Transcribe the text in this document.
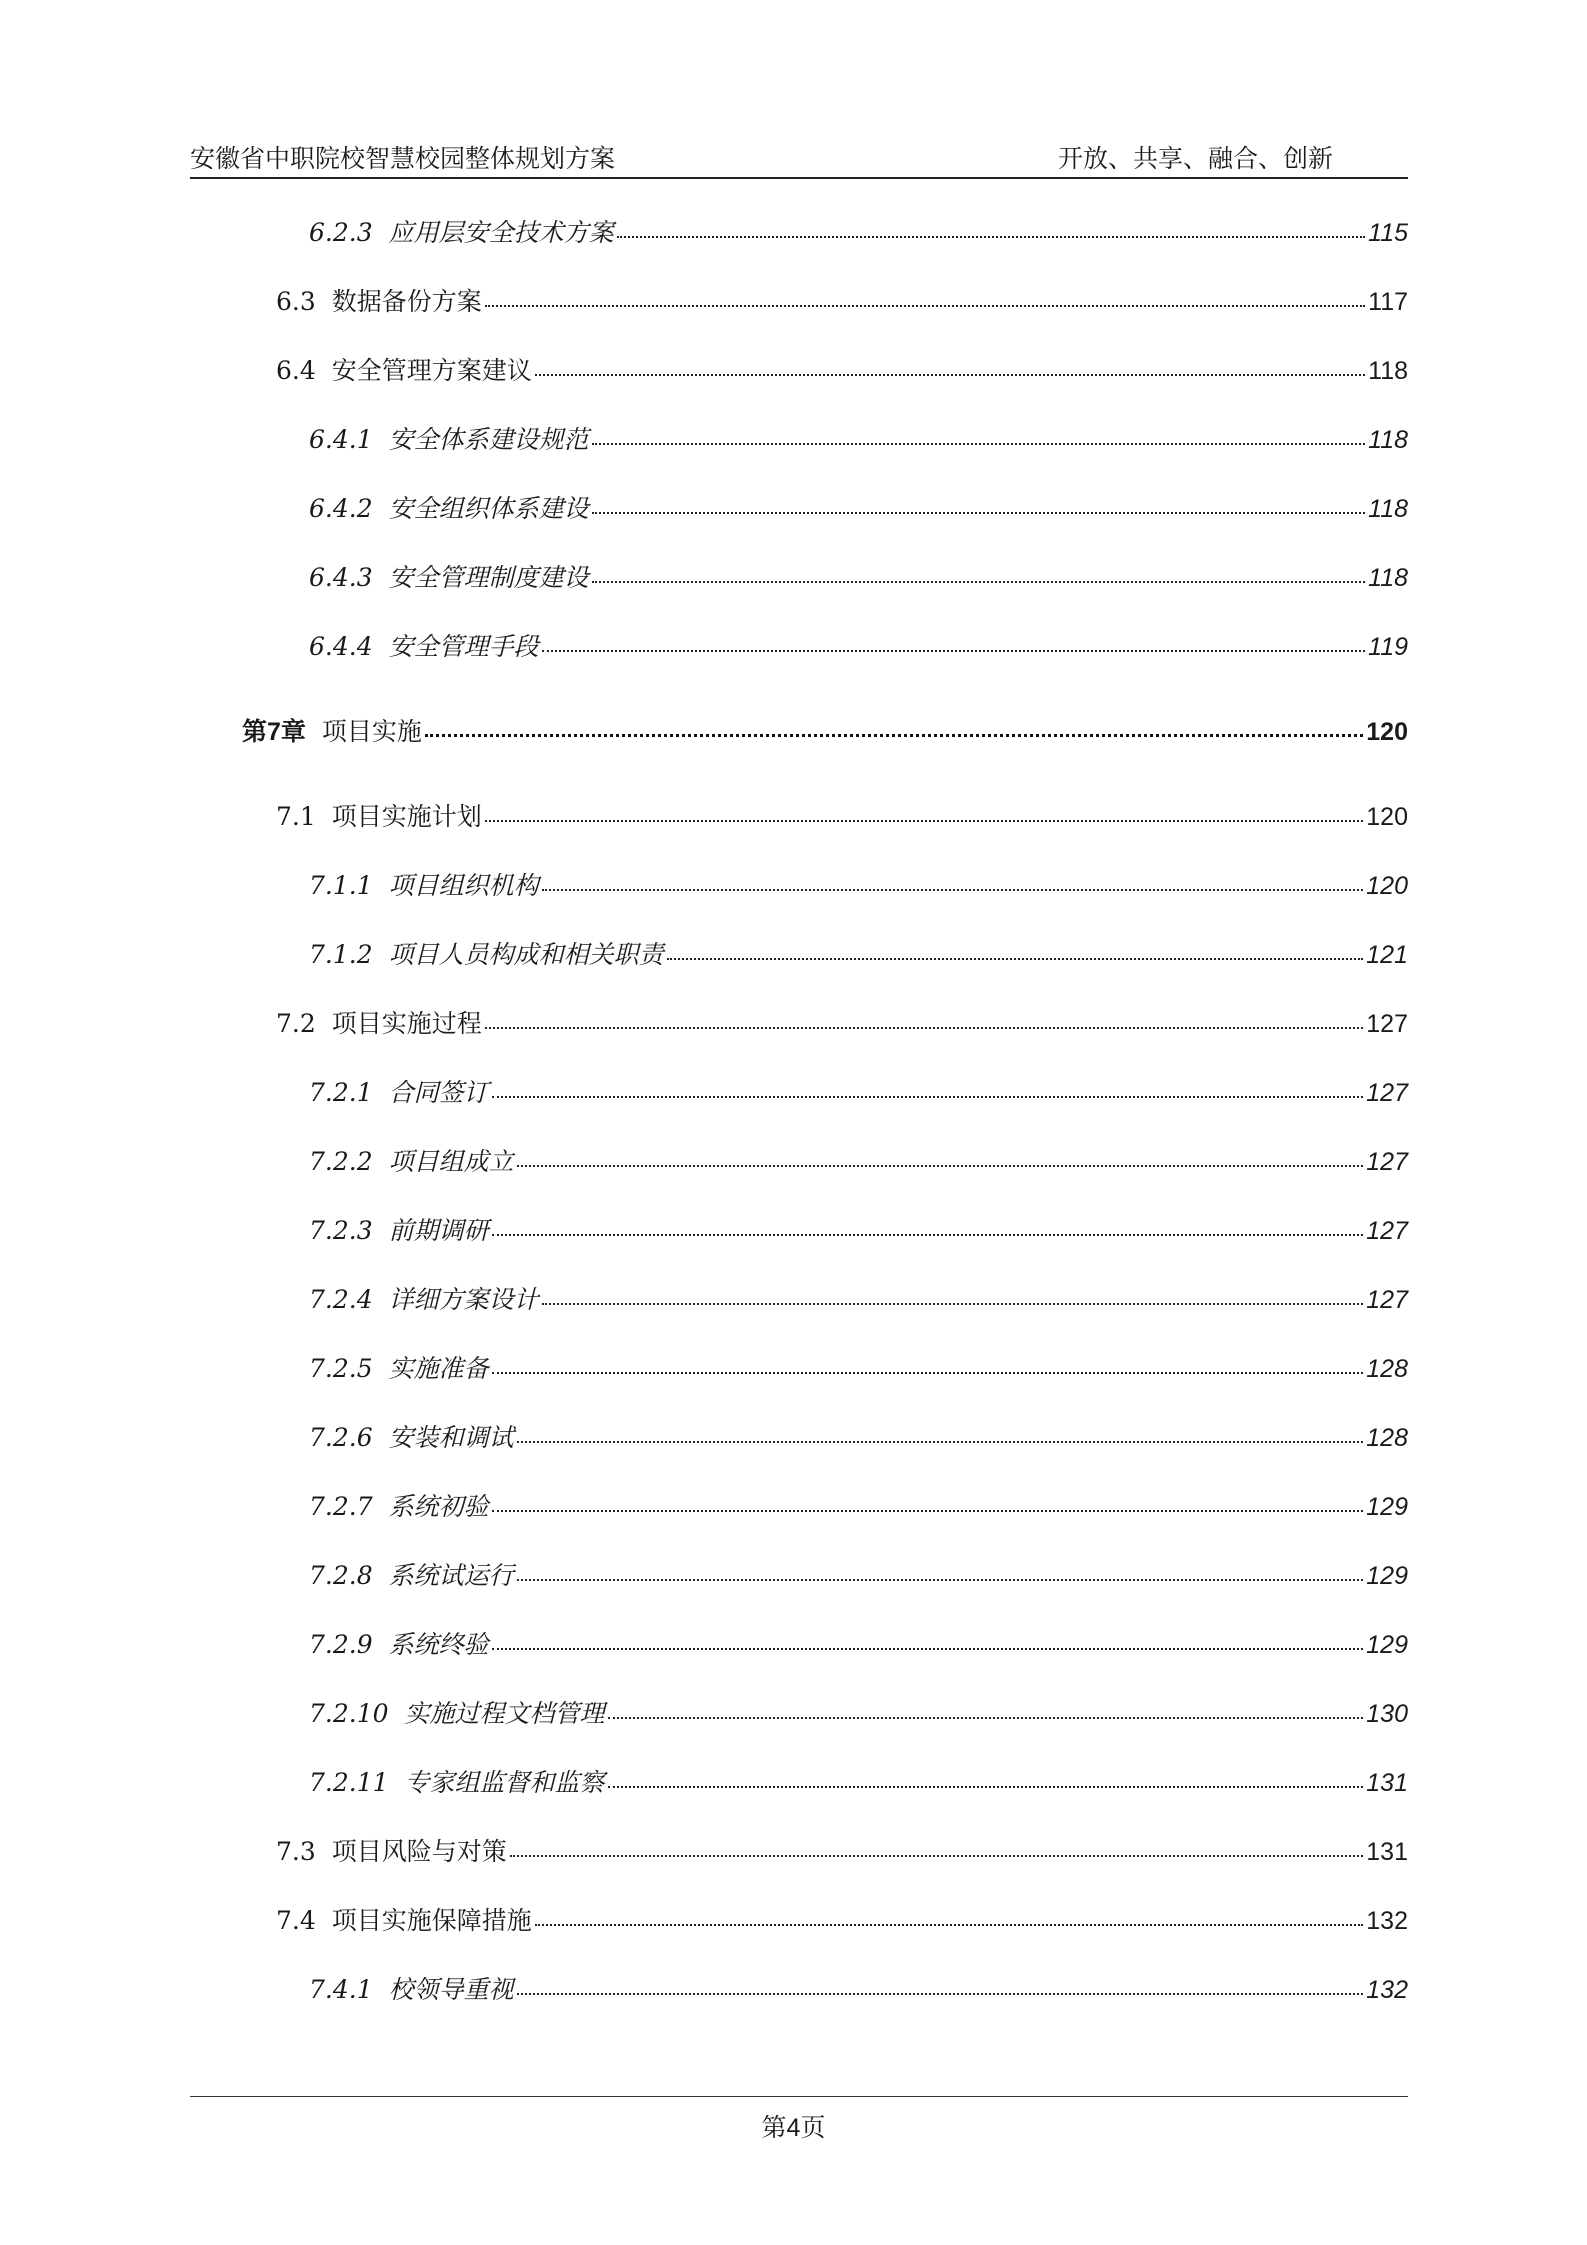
安徽省中职院校智慧校园整体规划方案	开放、共享、融合、创新
6.2.3 应用层安全技术方案	115
6.3 数据备份方案	117
6.4 安全管理方案建议	118
6.4.1 安全体系建设规范	118
6.4.2 安全组织体系建设	118
6.4.3 安全管理制度建设	118
6.4.4 安全管理手段	119
第7章 项目实施	120
7.1 项目实施计划	120
7.1.1 项目组织机构	120
7.1.2 项目人员构成和相关职责	121
7.2 项目实施过程	127
7.2.1 合同签订	127
7.2.2 项目组成立	127
7.2.3 前期调研	127
7.2.4 详细方案设计	127
7.2.5 实施准备	128
7.2.6 安装和调试	128
7.2.7 系统初验	129
7.2.8 系统试运行	129
7.2.9 系统终验	129
7.2.10 实施过程文档管理	130
7.2.11 专家组监督和监察	131
7.3 项目风险与对策	131
7.4 项目实施保障措施	132
7.4.1 校领导重视	132
第4页
